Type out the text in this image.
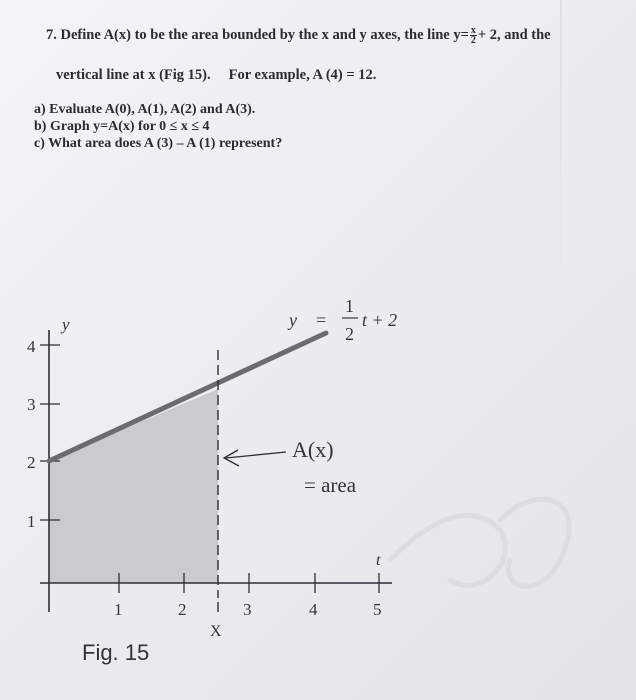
7. Define A(x) to be the area bounded by the x and y axes, the line $y= \frac{x}{2} + 2$, and the
vertical line at x (Fig 15). For example, A (4) = 12.
a) Evaluate A(0), A(1), A(2) and A(3).
b) Graph y=A(x) for 0 ≤ x ≤ 4
c) What area does A (3) – A (1) represent?
y
t
4
3
2
1
1	2	3	4	5
X
y =
1
2
t + 2
A(x)
= area
Fig. 15
